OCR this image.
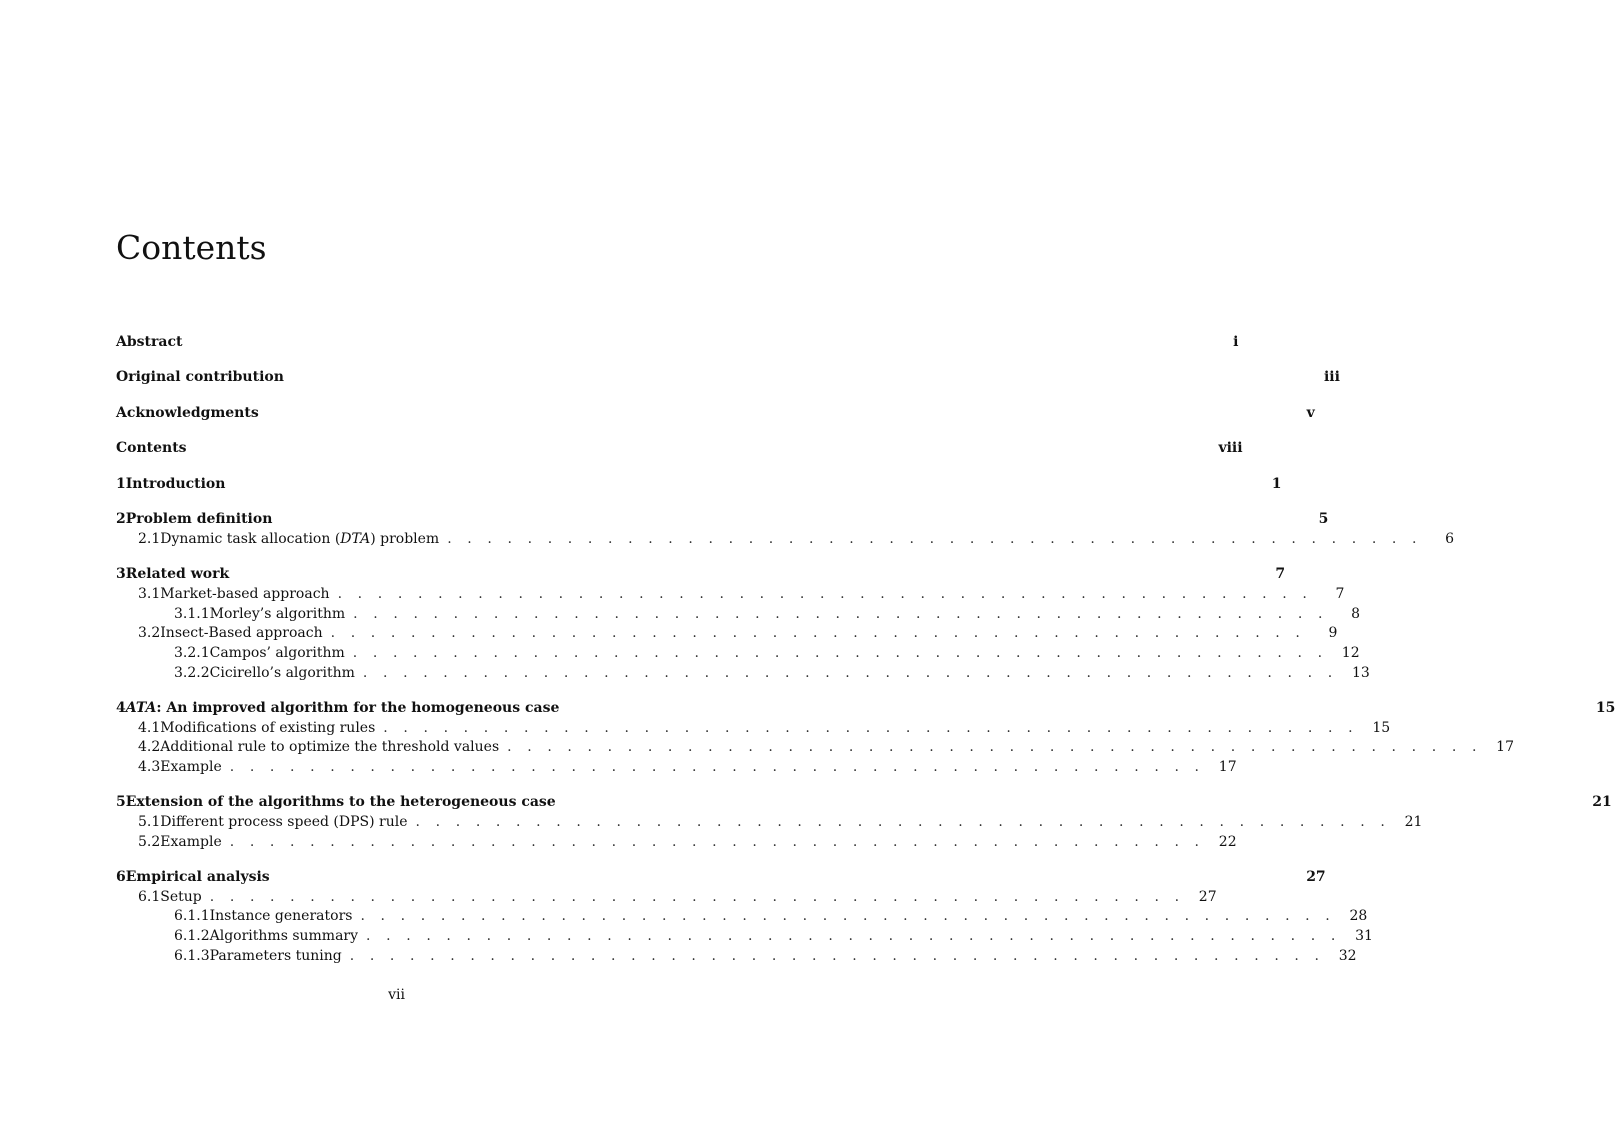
Contents
Abstract	i
Original contribution	iii
Acknowledgments	v
Contents	viii
1 Introduction	1
2 Problem definition	5
2.1 Dynamic task allocation (DTA) problem . . . . . . . . . . . . . . . . . . . . . . . . . . . . . . . . . . . . . . . . . . . . . . . . .	6
3 Related work	7
3.1 Market-based approach . . . . . . . . . . . . . . . . . . . . . . . . . . . . . . . . . . . . . . . . . . . . . . . . .	7
3.1.1 Morley’s algorithm . . . . . . . . . . . . . . . . . . . . . . . . . . . . . . . . . . . . . . . . . . . . . . . . .	8
3.2 Insect-Based approach . . . . . . . . . . . . . . . . . . . . . . . . . . . . . . . . . . . . . . . . . . . . . . . . .	9
3.2.1 Campos’ algorithm . . . . . . . . . . . . . . . . . . . . . . . . . . . . . . . . . . . . . . . . . . . . . . . . .	12
3.2.2 Cicirello’s algorithm . . . . . . . . . . . . . . . . . . . . . . . . . . . . . . . . . . . . . . . . . . . . . . . . .	13
4 ATA: An improved algorithm for the homogeneous case	15
4.1 Modifications of existing rules . . . . . . . . . . . . . . . . . . . . . . . . . . . . . . . . . . . . . . . . . . . . . . . . .	15
4.2 Additional rule to optimize the threshold values . . . . . . . . . . . . . . . . . . . . . . . . . . . . . . . . . . . . . . . . . . . . . . . . .	17
4.3 Example . . . . . . . . . . . . . . . . . . . . . . . . . . . . . . . . . . . . . . . . . . . . . . . . .	17
5 Extension of the algorithms to the heterogeneous case	21
5.1 Different process speed (DPS) rule . . . . . . . . . . . . . . . . . . . . . . . . . . . . . . . . . . . . . . . . . . . . . . . . .	21
5.2 Example . . . . . . . . . . . . . . . . . . . . . . . . . . . . . . . . . . . . . . . . . . . . . . . . .	22
6 Empirical analysis	27
6.1 Setup . . . . . . . . . . . . . . . . . . . . . . . . . . . . . . . . . . . . . . . . . . . . . . . . .	27
6.1.1 Instance generators . . . . . . . . . . . . . . . . . . . . . . . . . . . . . . . . . . . . . . . . . . . . . . . . .	28
6.1.2 Algorithms summary . . . . . . . . . . . . . . . . . . . . . . . . . . . . . . . . . . . . . . . . . . . . . . . . .	31
6.1.3 Parameters tuning . . . . . . . . . . . . . . . . . . . . . . . . . . . . . . . . . . . . . . . . . . . . . . . . .	32
vii
